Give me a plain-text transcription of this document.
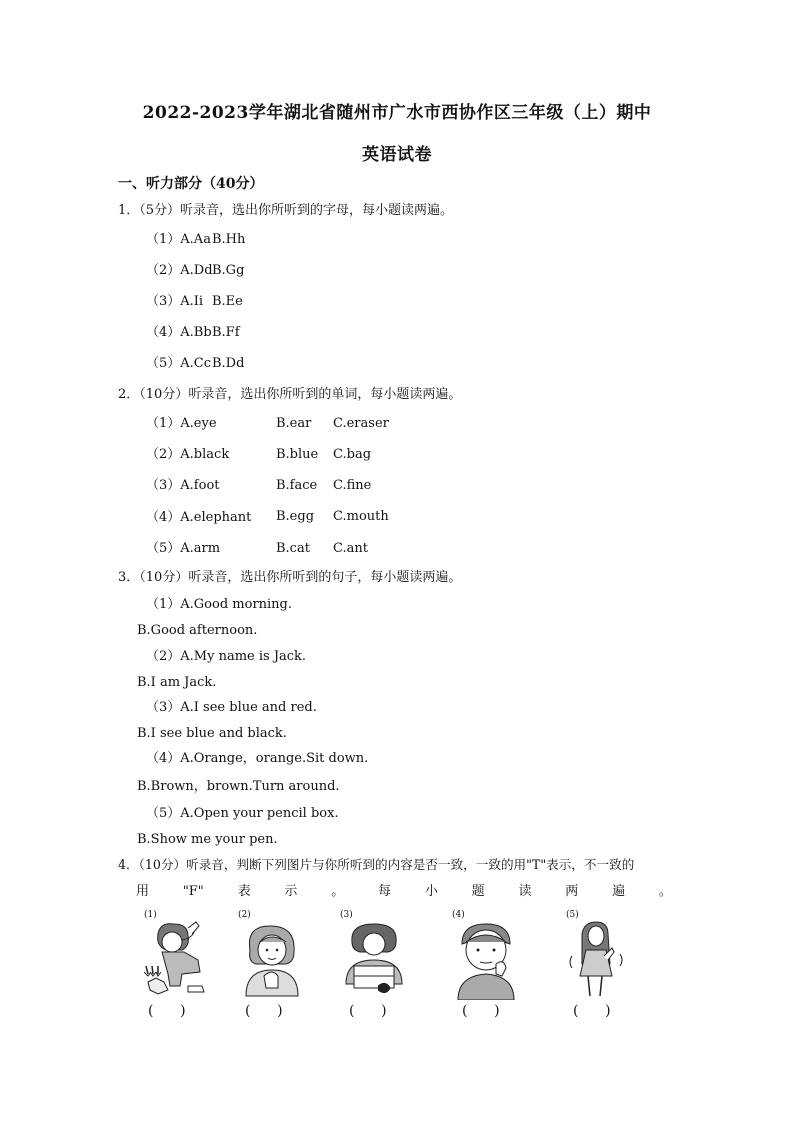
2022-2023学年湖北省随州市广水市西协作区三年级（上）期中
英语试卷
一、听力部分（40分）
1．（5分）听录音，选出你所听到的字母，每小题读两遍。
（1）A.Aa B.Hh
（2）A.Dd B.Gg
（3）A.Ii B.Ee
（4）A.Bb B.Ff
（5）A.Cc B.Dd
2．（10分）听录音，选出你所听到的单词，每小题读两遍。
（1）A.eye	B.ear C.eraser
（2）A.black	B.blue C.bag
（3）A.foot	B.face C.fine
（4）A.elephant B.egg C.mouth
（5）A.arm	B.cat C.ant
3．（10分）听录音，选出你所听到的句子，每小题读两遍。
（1）A.Good morning.
B.Good afternoon.
（2）A.My name is Jack.
B.I am Jack.
（3）A.I see blue and red.
B.I see blue and black.
（4）A.Orange，orange.Sit down.
B.Brown，brown.Turn around.
（5）A.Open your pencil box.
B.Show me your pen.
4．（10分）听录音，判断下列图片与你所听到的内容是否一致，一致的用"T"表示，不一致的
用	"F"	表	示	。	每	小	题	读	两	遍	。
(1)	(2)	(3)	(4)	(5)
(      )	(      )	(      )	(      )	(      )
